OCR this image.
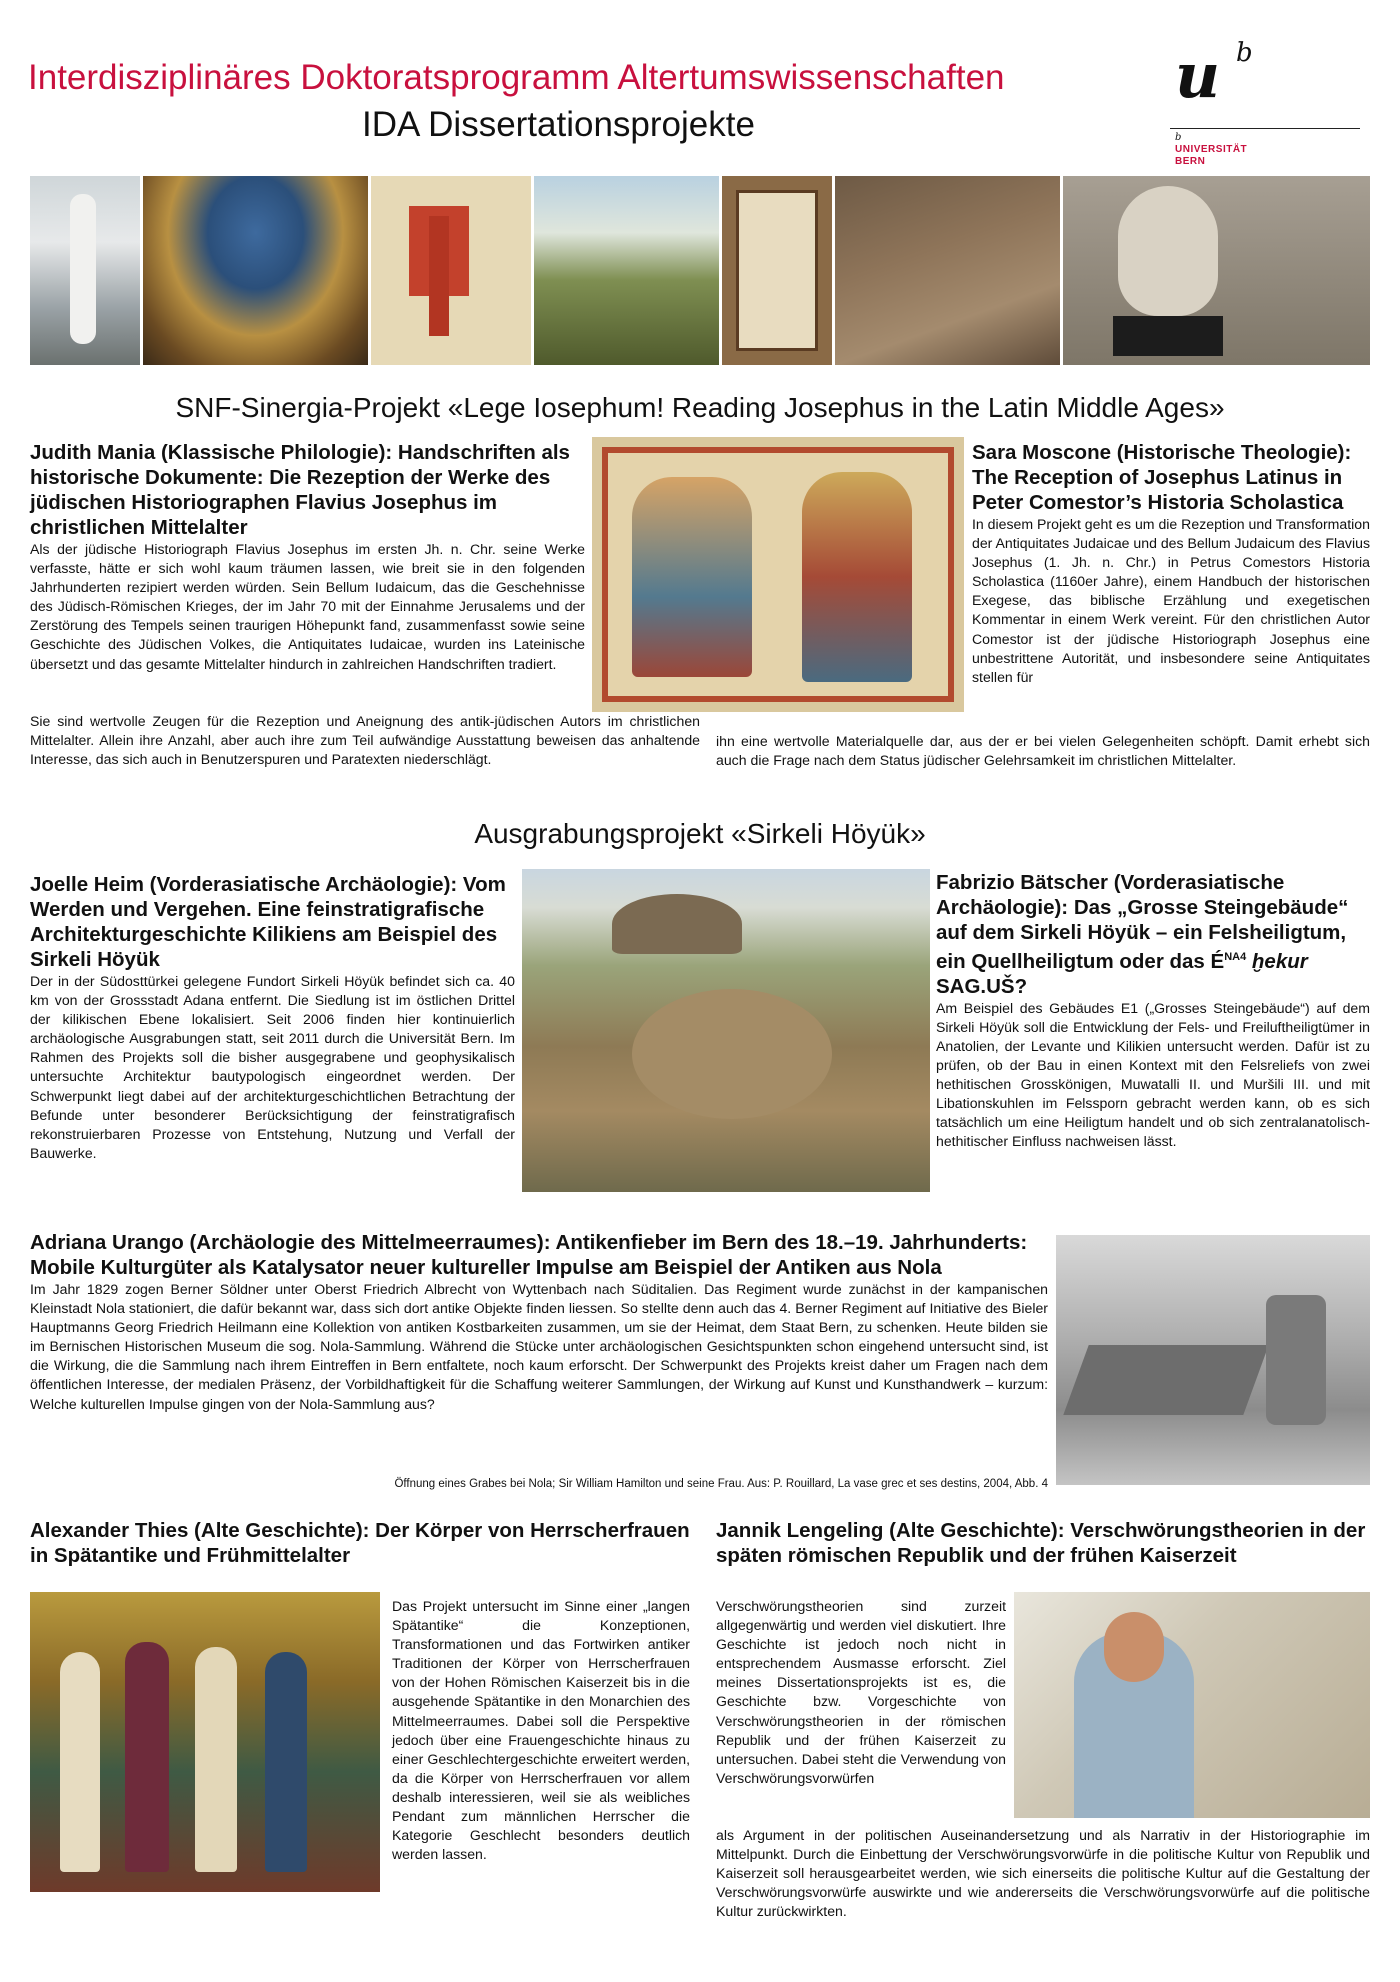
Interdisziplinäres Doktoratsprogramm Altertumswissenschaften
IDA Dissertationsprojekte
u b
b
UNIVERSITÄT
BERN
SNF-Sinergia-Projekt «Lege Iosephum! Reading Josephus in the Latin Middle Ages»

Judith Mania (Klassische Philologie): Handschriften als historische Dokumente: Die Rezeption der Werke des jüdischen Historiographen Flavius Josephus im christlichen Mittelalter

Als der jüdische Historiograph Flavius Josephus im ersten Jh. n. Chr. seine Werke verfasste, hätte er sich wohl kaum träumen lassen, wie breit sie in den folgenden Jahrhunderten rezipiert werden würden. Sein Bellum Iudaicum, das die Geschehnisse des Jüdisch-Römischen Krieges, der im Jahr 70 mit der Einnahme Jerusalems und der Zerstörung des Tempels seinen traurigen Höhepunkt fand, zusammenfasst sowie seine Geschichte des Jüdischen Volkes, die Antiquitates Iudaicae, wurden ins Lateinische übersetzt und das gesamte Mittelalter hindurch in zahlreichen Handschriften tradiert.

Sara Moscone (Historische Theologie): The Reception of Josephus Latinus in Peter Comestor’s Historia Scholastica

In diesem Projekt geht es um die Rezeption und Transformation der Antiquitates Judaicae und des Bellum Judaicum des Flavius Josephus (1. Jh. n. Chr.) in Petrus Comestors Historia Scholastica (1160er Jahre), einem Handbuch der historischen Exegese, das biblische Erzählung und exegetischen Kommentar in einem Werk vereint. Für den christlichen Autor Comestor ist der jüdische Historiograph Josephus eine unbestrittene Autorität, und insbesondere seine Antiquitates stellen für

Sie sind wertvolle Zeugen für die Rezeption und Aneignung des antik-jüdischen Autors im christlichen Mittelalter. Allein ihre Anzahl, aber auch ihre zum Teil aufwändige Ausstattung beweisen das anhaltende Interesse, das sich auch in Benutzerspuren und Paratexten niederschlägt.

ihn eine wertvolle Materialquelle dar, aus der er bei vielen Gelegenheiten schöpft. Damit erhebt sich auch die Frage nach dem Status jüdischer Gelehrsamkeit im christlichen Mittelalter.

Ausgrabungsprojekt «Sirkeli Höyük»

Joelle Heim (Vorderasiatische Archäologie): Vom Werden und Vergehen. Eine feinstratigrafische Architekturgeschichte Kilikiens am Beispiel des Sirkeli Höyük

Der in der Südosttürkei gelegene Fundort Sirkeli Höyük befindet sich ca. 40 km von der Grossstadt Adana entfernt. Die Siedlung ist im östlichen Drittel der kilikischen Ebene lokalisiert. Seit 2006 finden hier kontinuierlich archäologische Ausgrabungen statt, seit 2011 durch die Universität Bern. Im Rahmen des Projekts soll die bisher ausgegrabene und geophysikalisch untersuchte Architektur bautypologisch eingeordnet werden. Der Schwerpunkt liegt dabei auf der architekturgeschichtlichen Betrachtung der Befunde unter besonderer Berücksichtigung der feinstratigrafisch rekonstruierbaren Prozesse von Entstehung, Nutzung und Verfall der Bauwerke.

Fabrizio Bätscher (Vorderasiatische Archäologie): Das „Grosse Steingebäude“ auf dem Sirkeli Höyük – ein Felsheiligtum, ein Quellheiligtum oder das $É^{NA4}$ ḫekur SAG.UŠ?

Am Beispiel des Gebäudes E1 („Grosses Steingebäude“) auf dem Sirkeli Höyük soll die Entwicklung der Fels- und Freiluftheiligtümer in Anatolien, der Levante und Kilikien untersucht werden. Dafür ist zu prüfen, ob der Bau in einen Kontext mit den Felsreliefs von zwei hethitischen Grosskönigen, Muwatalli II. und Muršili III. und mit Libationskuhlen im Felssporn gebracht werden kann, ob es sich tatsächlich um eine Heiligtum handelt und ob sich zentralanatolisch-hethitischer Einfluss nachweisen lässt.

Adriana Urango (Archäologie des Mittelmeerraumes): Antikenfieber im Bern des 18.–19. Jahrhunderts: Mobile Kulturgüter als Katalysator neuer kultureller Impulse am Beispiel der Antiken aus Nola

Im Jahr 1829 zogen Berner Söldner unter Oberst Friedrich Albrecht von Wyttenbach nach Süditalien. Das Regiment wurde zunächst in der kampanischen Kleinstadt Nola stationiert, die dafür bekannt war, dass sich dort antike Objekte finden liessen. So stellte denn auch das 4. Berner Regiment auf Initiative des Bieler Hauptmanns Georg Friedrich Heilmann eine Kollektion von antiken Kostbarkeiten zusammen, um sie der Heimat, dem Staat Bern, zu schenken. Heute bilden sie im Bernischen Historischen Museum die sog. Nola-Sammlung. Während die Stücke unter archäologischen Gesichtspunkten schon eingehend untersucht sind, ist die Wirkung, die die Sammlung nach ihrem Eintreffen in Bern entfaltete, noch kaum erforscht. Der Schwerpunkt des Projekts kreist daher um Fragen nach dem öffentlichen Interesse, der medialen Präsenz, der Vorbildhaftigkeit für die Schaffung weiterer Sammlungen, der Wirkung auf Kunst und Kunsthandwerk – kurzum: Welche kulturellen Impulse gingen von der Nola-Sammlung aus?

Öffnung eines Grabes bei Nola; Sir William Hamilton und seine Frau. Aus: P. Rouillard, La vase grec et ses destins, 2004, Abb. 4

Alexander Thies (Alte Geschichte): Der Körper von Herrscherfrauen in Spätantike und Frühmittelalter

Das Projekt untersucht im Sinne einer „langen Spätantike“ die Konzeptionen, Transformationen und das Fortwirken antiker Traditionen der Körper von Herrscherfrauen von der Hohen Römischen Kaiserzeit bis in die ausgehende Spätantike in den Monarchien des Mittelmeerraumes. Dabei soll die Perspektive jedoch über eine Frauengeschichte hinaus zu einer Geschlechtergeschichte erweitert werden, da die Körper von Herrscherfrauen vor allem deshalb interessieren, weil sie als weibliches Pendant zum männlichen Herrscher die Kategorie Geschlecht besonders deutlich werden lassen.

Jannik Lengeling (Alte Geschichte): Verschwörungstheorien in der späten römischen Republik und der frühen Kaiserzeit

Verschwörungstheorien sind zurzeit allgegenwärtig und werden viel diskutiert. Ihre Geschichte ist jedoch noch nicht in entsprechendem Ausmasse erforscht. Ziel meines Dissertationsprojekts ist es, die Geschichte bzw. Vorgeschichte von Verschwörungstheorien in der römischen Republik und der frühen Kaiserzeit zu untersuchen. Dabei steht die Verwendung von Verschwörungsvorwürfen

als Argument in der politischen Auseinandersetzung und als Narrativ in der Historiographie im Mittelpunkt. Durch die Einbettung der Verschwörungsvorwürfe in die politische Kultur von Republik und Kaiserzeit soll herausgearbeitet werden, wie sich einerseits die politische Kultur auf die Gestaltung der Verschwörungsvorwürfe auswirkte und wie andererseits die Verschwörungsvorwürfe auf die politische Kultur zurückwirkten.
